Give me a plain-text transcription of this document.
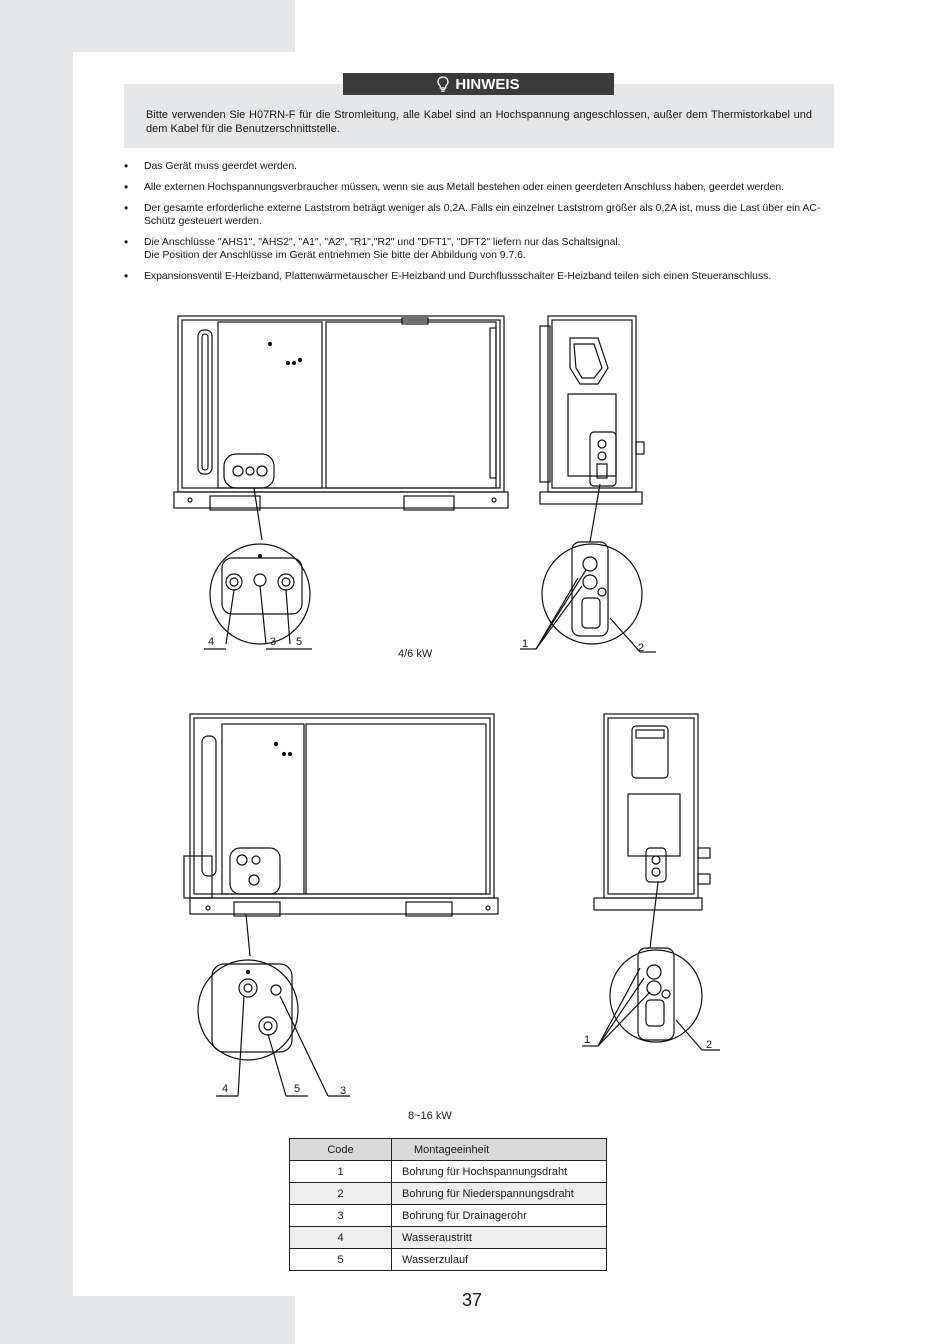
HINWEIS
Bitte verwenden Sie H07RN-F für die Stromleitung, alle Kabel sind an Hochspannung angeschlossen, außer dem Thermistorkabel und dem Kabel für die Benutzerschnittstelle.
• Das Gerät muss geerdet werden.
• Alle externen Hochspannungsverbraucher müssen, wenn sie aus Metall bestehen oder einen geerdeten Anschluss haben, geerdet werden.
• Der gesamte erforderliche externe Laststrom beträgt weniger als 0,2A. Falls ein einzelner Laststrom größer als 0,2A ist, muss die Last über ein AC-Schütz gesteuert werden.
• Die Anschlüsse "AHS1", "AHS2", "A1", "A2", "R1","R2" und "DFT1", "DFT2" liefern nur das Schaltsignal.
Die Position der Anschlüsse im Gerät entnehmen Sie bitte der Abbildung von 9.7.6.
• Expansionsventil E-Heizband, Plattenwärmetauscher E-Heizband und Durchflussschalter E-Heizband teilen sich einen Steueranschluss.
4	3 5	1	2
4/6 kW
4	5	3
1	2
8~16 kW
Code	Montageeinheit
1	Bohrung für Hochspannungsdraht
2	Bohrung für Niederspannungsdraht
3	Bohrung für Drainagerohr
4	Wasseraustritt
5	Wasserzulauf
37
